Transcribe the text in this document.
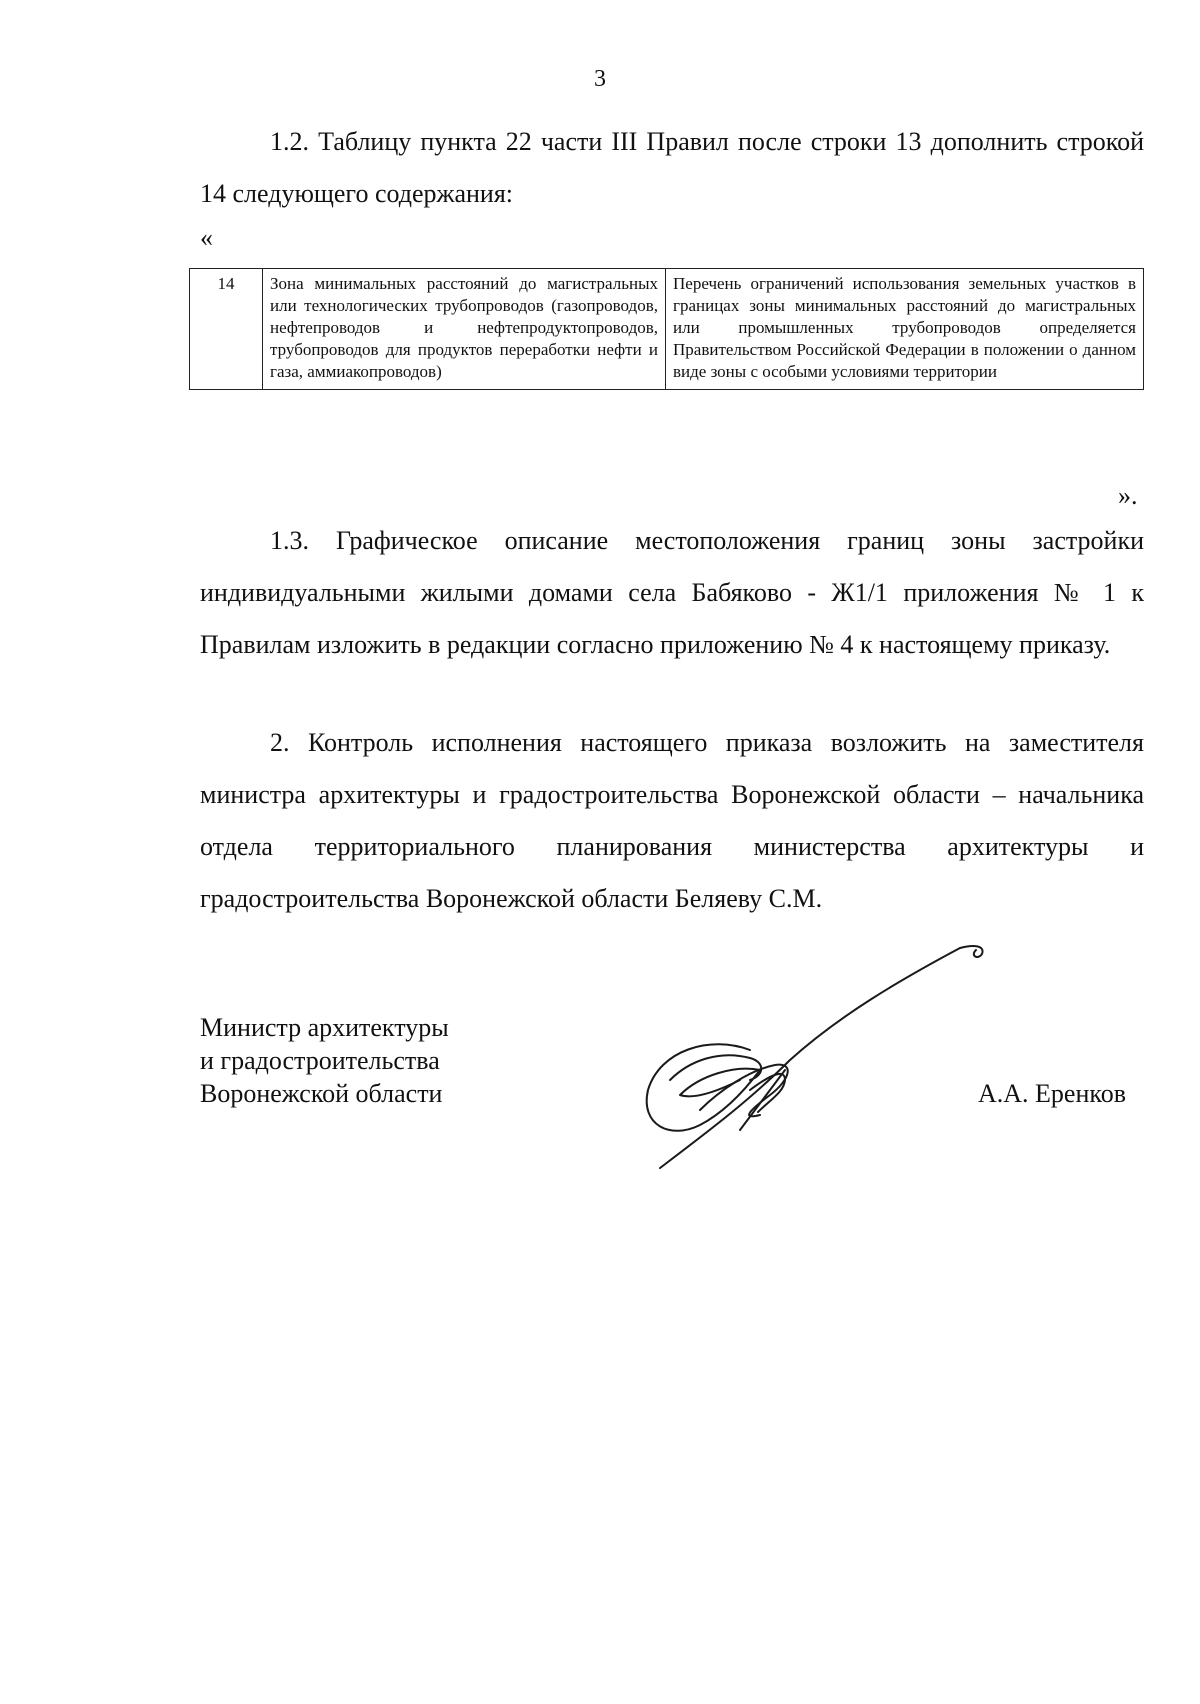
3

1.2. Таблицу пункта 22 части III Правил после строки 13 дополнить строкой 14 следующего содержания:

«
14	Зона минимальных расстояний до магистральных или технологических трубопроводов (газопроводов, нефтепроводов и нефтепродуктопроводов, трубопроводов для продуктов переработки нефти и газа, аммиакопроводов)	Перечень ограничений использования земельных участков в границах зоны минимальных расстояний до магистральных или промышленных трубопроводов определяется Правительством Российской Федерации в положении о данном виде зоны с особыми условиями территории
».

1.3. Графическое описание местоположения границ зоны застройки индивидуальными жилыми домами села Бабяково - Ж1/1 приложения № 1 к Правилам изложить в редакции согласно приложению № 4 к настоящему приказу.

2. Контроль исполнения настоящего приказа возложить на заместителя министра архитектуры и градостроительства Воронежской области – начальника отдела территориального планирования министерства архитектуры и градостроительства Воронежской области Беляеву С.М.

Министр архитектуры
и градостроительства
Воронежской области	А.А. Еренков
